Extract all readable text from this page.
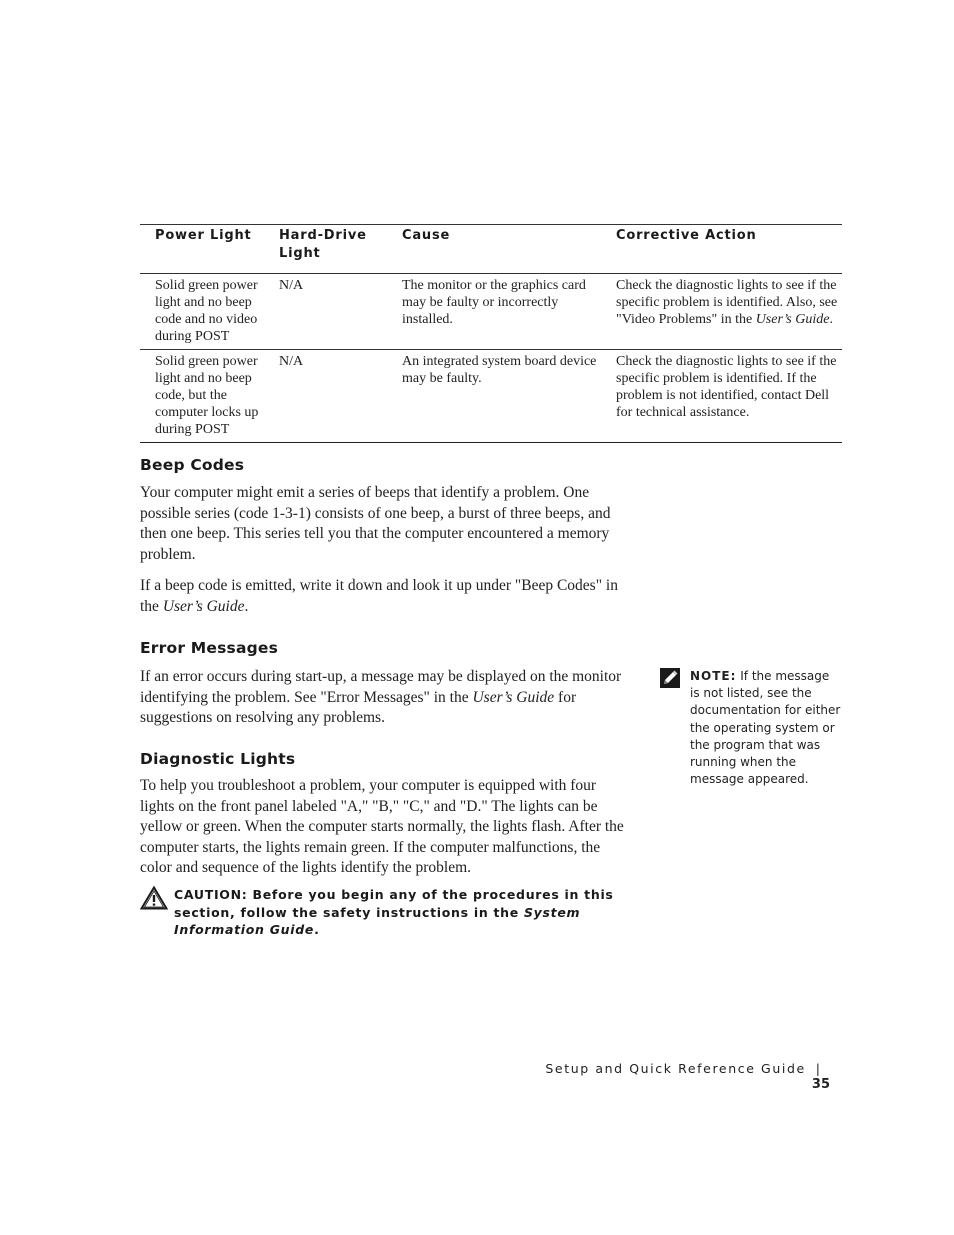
Power Light	Hard-Drive Light	Cause	Corrective Action
Solid green power light and no beep code and no video during POST	N/A	The monitor or the graphics card may be faulty or incorrectly installed.	Check the diagnostic lights to see if the specific problem is identified. Also, see "Video Problems" in the User’s Guide.
Solid green power light and no beep code, but the computer locks up during POST	N/A	An integrated system board device may be faulty.	Check the diagnostic lights to see if the specific problem is identified. If the problem is not identified, contact Dell for technical assistance.
Beep Codes

Your computer might emit a series of beeps that identify a problem. One possible series (code 1-3-1) consists of one beep, a burst of three beeps, and then one beep. This series tell you that the computer encountered a memory problem.

If a beep code is emitted, write it down and look it up under "Beep Codes" in the User’s Guide.

Error Messages

If an error occurs during start-up, a message may be displayed on the monitor identifying the problem. See "Error Messages" in the User’s Guide for suggestions on resolving any problems.

NOTE: If the message is not listed, see the documentation for either the operating system or the program that was running when the message appeared.
Diagnostic Lights

To help you troubleshoot a problem, your computer is equipped with four lights on the front panel labeled "A," "B," "C," and "D." The lights can be yellow or green. When the computer starts normally, the lights flash. After the computer starts, the lights remain green. If the computer malfunctions, the color and sequence of the lights identify the problem.

CAUTION: Before you begin any of the procedures in this section, follow the safety instructions in the System Information Guide.
Setup and Quick Reference Guide |35
